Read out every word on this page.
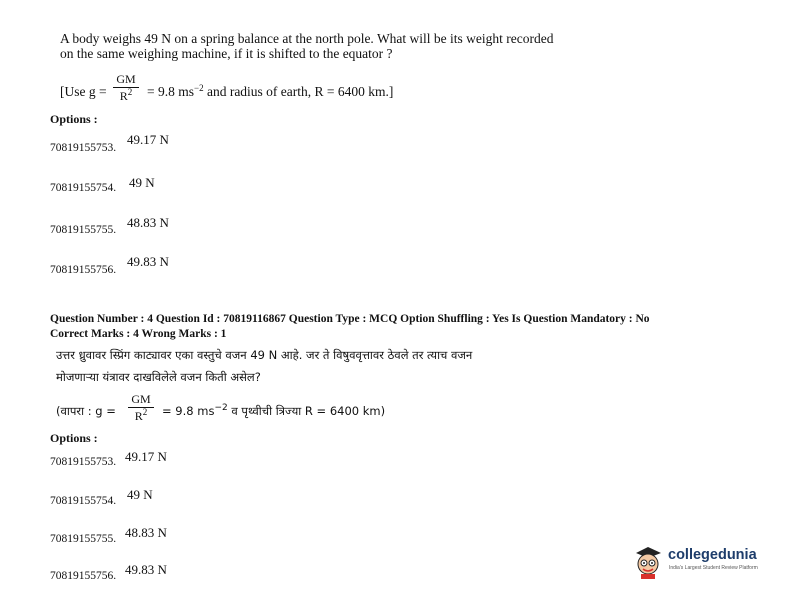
A body weighs 49 N on a spring balance at the north pole. What will be its weight recorded
on the same weighing machine, if it is shifted to the equator ?
[Use g =
GM
$R^2$	= 9.8 $ms^{-2}$ and radius of earth, R = 6400 km.]
Options :
70819155753.
49.17 N
70819155754. 49 N
70819155755. 48.83 N
70819155756.
49.83 N
Question Number : 4 Question Id : 70819116867 Question Type : MCQ Option Shuffling : Yes Is Question Mandatory : No
Correct Marks : 4 Wrong Marks : 1
उत्तर ध्रुवावर स्प्रिंग काट्यावर एका वस्तुचे वजन 49 N आहे. जर ते विषुववृत्तावर ठेवले तर त्याच वजन
मोजणाऱ्या यंत्रावर दाखविलेले वजन किती असेल?
(वापरा : g =
GM
$R^2$	= 9.8 $ms^{-2}$ व पृथ्वीची त्रिज्या R = 6400 km)
Options :
70819155753. 49.17 N
70819155754. 49 N
70819155755. 48.83 N
70819155756. 49.83 N
collegedunia
India's Largest Student Review Platform
